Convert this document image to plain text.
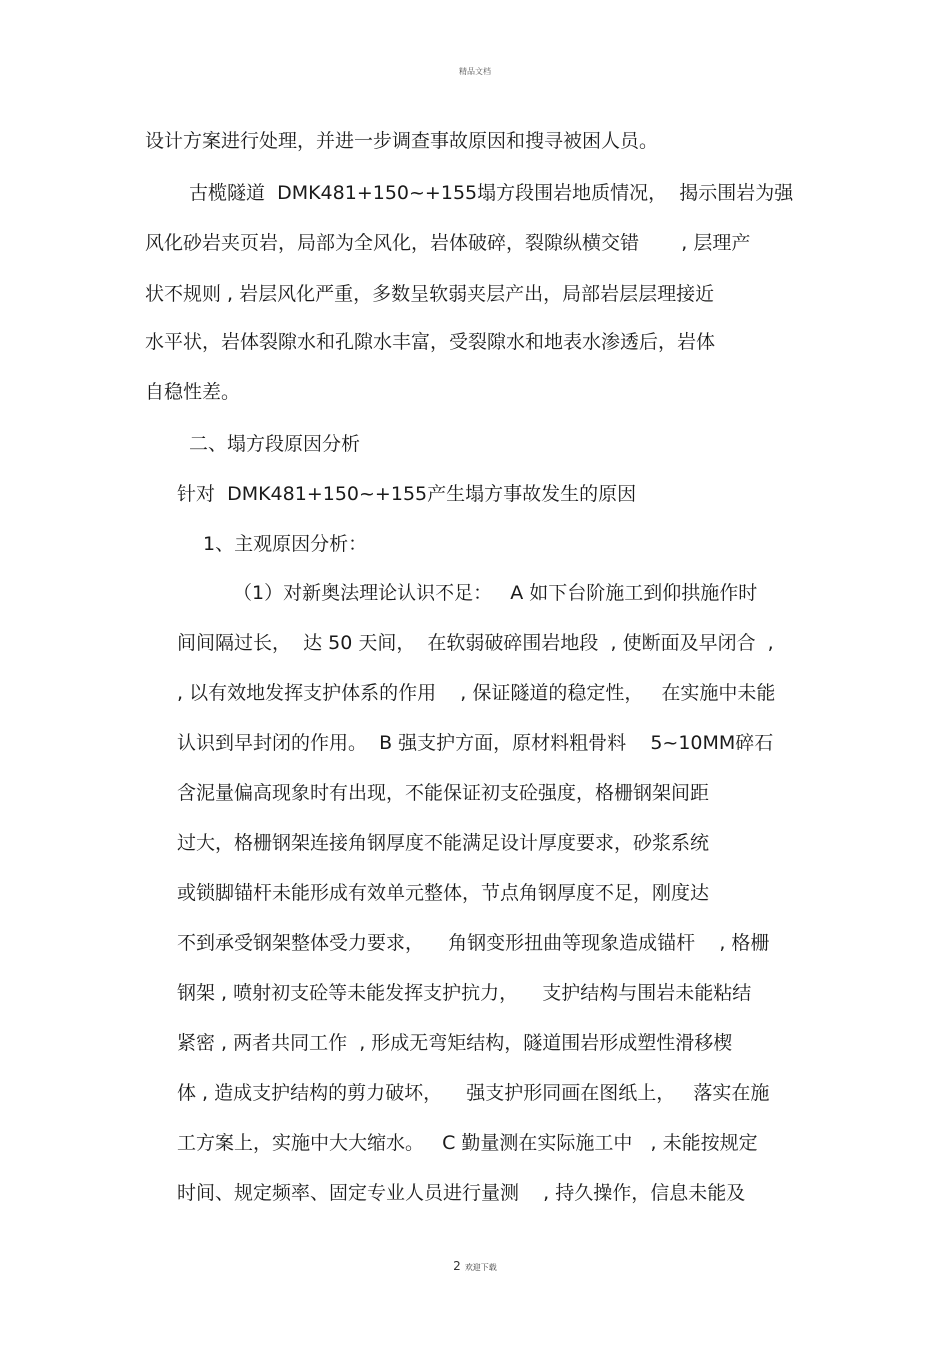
精品文档
设计方案进行处理，并进一步调查事故原因和搜寻被困人员。
古榄隧道  DMK481+150~+155塌方段围岩地质情况，  揭示围岩为强
风化砂岩夹页岩，局部为全风化，岩体破碎，裂隙纵横交错       , 层理产
状不规则 , 岩层风化严重，多数呈软弱夹层产出，局部岩层层理接近
水平状，岩体裂隙水和孔隙水丰富，受裂隙水和地表水渗透后，岩体
自稳性差。
二、塌方段原因分析
针对  DMK481+150~+155产生塌方事故发生的原因
1、主观原因分析：
（1）对新奥法理论认识不足：   A 如下台阶施工到仰拱施作时
间间隔过长，  达 50 天间，  在软弱破碎围岩地段  , 使断面及早闭合  ,
, 以有效地发挥支护体系的作用    , 保证隧道的稳定性，   在实施中未能
认识到早封闭的作用。  B 强支护方面，原材料粗骨料    5~10MM碎石
含泥量偏高现象时有出现，不能保证初支砼强度，格栅钢架间距
过大，格栅钢架连接角钢厚度不能满足设计厚度要求，砂浆系统
或锁脚锚杆未能形成有效单元整体，节点角钢厚度不足，刚度达
不到承受钢架整体受力要求，    角钢变形扭曲等现象造成锚杆    , 格栅
钢架 , 喷射初支砼等未能发挥支护抗力，    支护结构与围岩未能粘结
紧密 , 两者共同工作  , 形成无弯矩结构，隧道围岩形成塑性滑移楔
体 , 造成支护结构的剪力破坏，    强支护形同画在图纸上，   落实在施
工方案上，实施中大大缩水。   C 勤量测在实际施工中   , 未能按规定
时间、规定频率、固定专业人员进行量测    , 持久操作，信息未能及
2 欢迎下载
